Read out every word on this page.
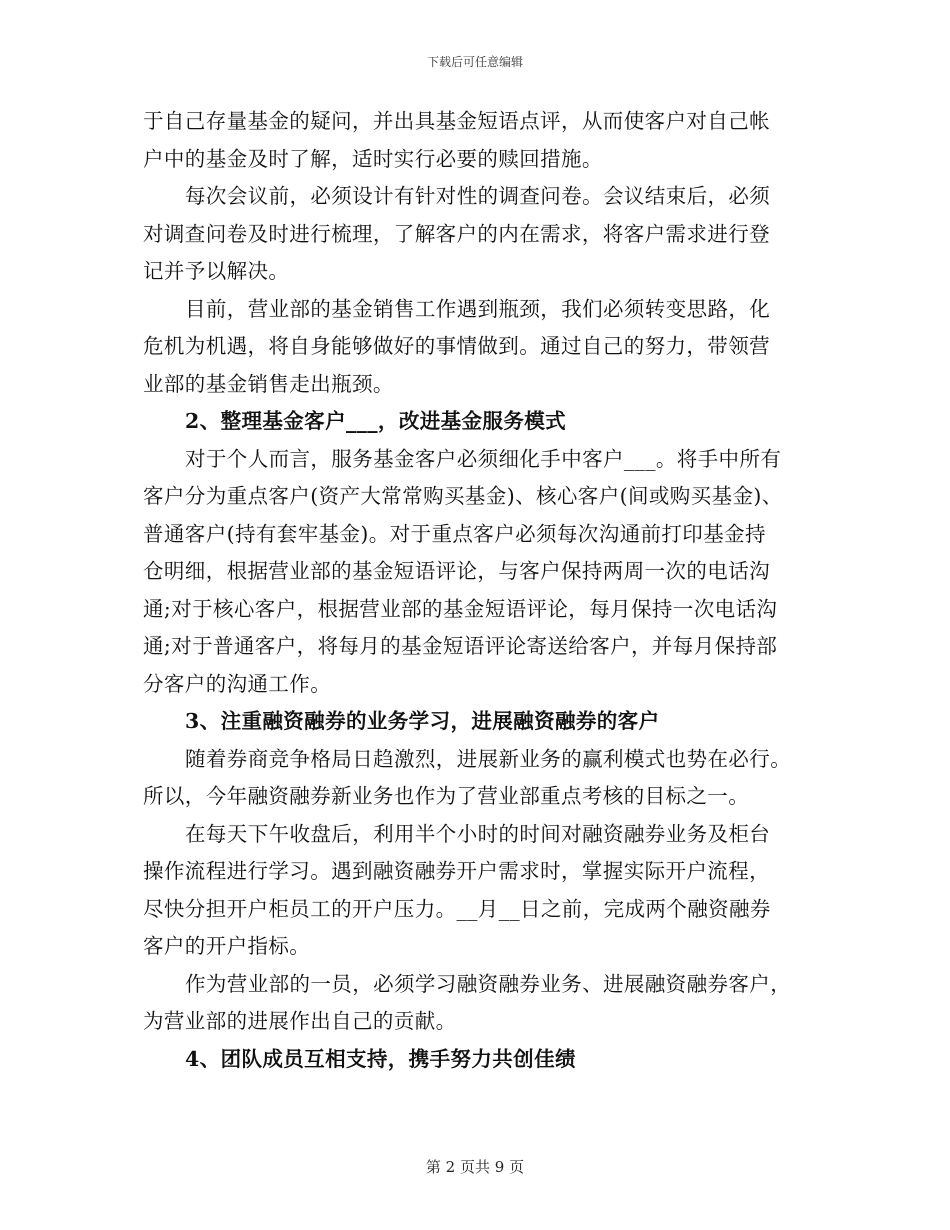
下载后可任意编辑
于自己存量基金的疑问，并出具基金短语点评，从而使客户对自己帐
户中的基金及时了解，适时实行必要的赎回措施。
每次会议前，必须设计有针对性的调查问卷。会议结束后，必须
对调查问卷及时进行梳理，了解客户的内在需求，将客户需求进行登
记并予以解决。
目前，营业部的基金销售工作遇到瓶颈，我们必须转变思路，化
危机为机遇，将自身能够做好的事情做到。通过自己的努力，带领营
业部的基金销售走出瓶颈。
2、整理基金客户___，改进基金服务模式
对于个人而言，服务基金客户必须细化手中客户___。将手中所有
客户分为重点客户(资产大常常购买基金)、核心客户(间或购买基金)、
普通客户(持有套牢基金)。对于重点客户必须每次沟通前打印基金持
仓明细，根据营业部的基金短语评论，与客户保持两周一次的电话沟
通;对于核心客户，根据营业部的基金短语评论，每月保持一次电话沟
通;对于普通客户，将每月的基金短语评论寄送给客户，并每月保持部
分客户的沟通工作。
3、注重融资融券的业务学习，进展融资融券的客户
随着券商竞争格局日趋激烈，进展新业务的赢利模式也势在必行。
所以，今年融资融券新业务也作为了营业部重点考核的目标之一。
在每天下午收盘后，利用半个小时的时间对融资融券业务及柜台
操作流程进行学习。遇到融资融券开户需求时，掌握实际开户流程，
尽快分担开户柜员工的开户压力。__月__日之前，完成两个融资融券
客户的开户指标。
作为营业部的一员，必须学习融资融券业务、进展融资融券客户，
为营业部的进展作出自己的贡献。
4、团队成员互相支持，携手努力共创佳绩
第 2 页共 9 页
